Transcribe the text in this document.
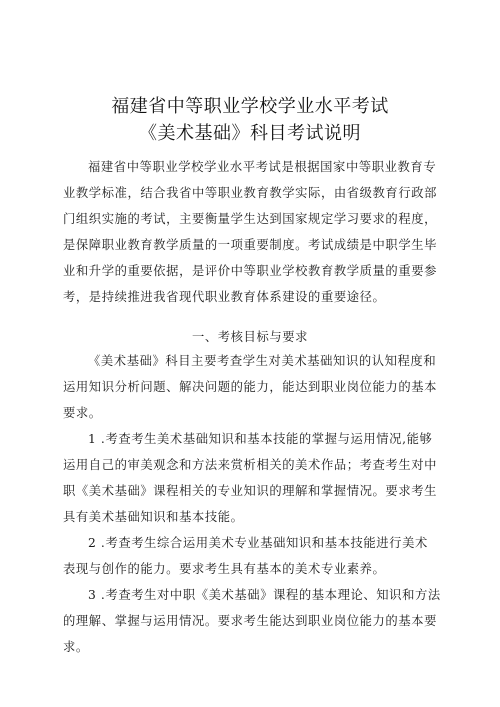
福建省中等职业学校学业水平考试
《美术基础》科目考试说明
福建省中等职业学校学业水平考试是根据国家中等职业教育专
业教学标准，结合我省中等职业教育教学实际，由省级教育行政部
门组织实施的考试，主要衡量学生达到国家规定学习要求的程度，
是保障职业教育教学质量的一项重要制度。考试成绩是中职学生毕
业和升学的重要依据，是评价中等职业学校教育教学质量的重要参
考，是持续推进我省现代职业教育体系建设的重要途径。
一、考核目标与要求
《美术基础》科目主要考查学生对美术基础知识的认知程度和
运用知识分析问题、解决问题的能力，能达到职业岗位能力的基本
要求。
1 .考查考生美术基础知识和基本技能的掌握与运用情况,能够
运用自己的审美观念和方法来赏析相关的美术作品；考查考生对中
职《美术基础》课程相关的专业知识的理解和掌握情况。要求考生
具有美术基础知识和基本技能。
2 .考查考生综合运用美术专业基础知识和基本技能进行美术
表现与创作的能力。要求考生具有基本的美术专业素养。
3 .考查考生对中职《美术基础》课程的基本理论、知识和方法
的理解、掌握与运用情况。要求考生能达到职业岗位能力的基本要
求。
